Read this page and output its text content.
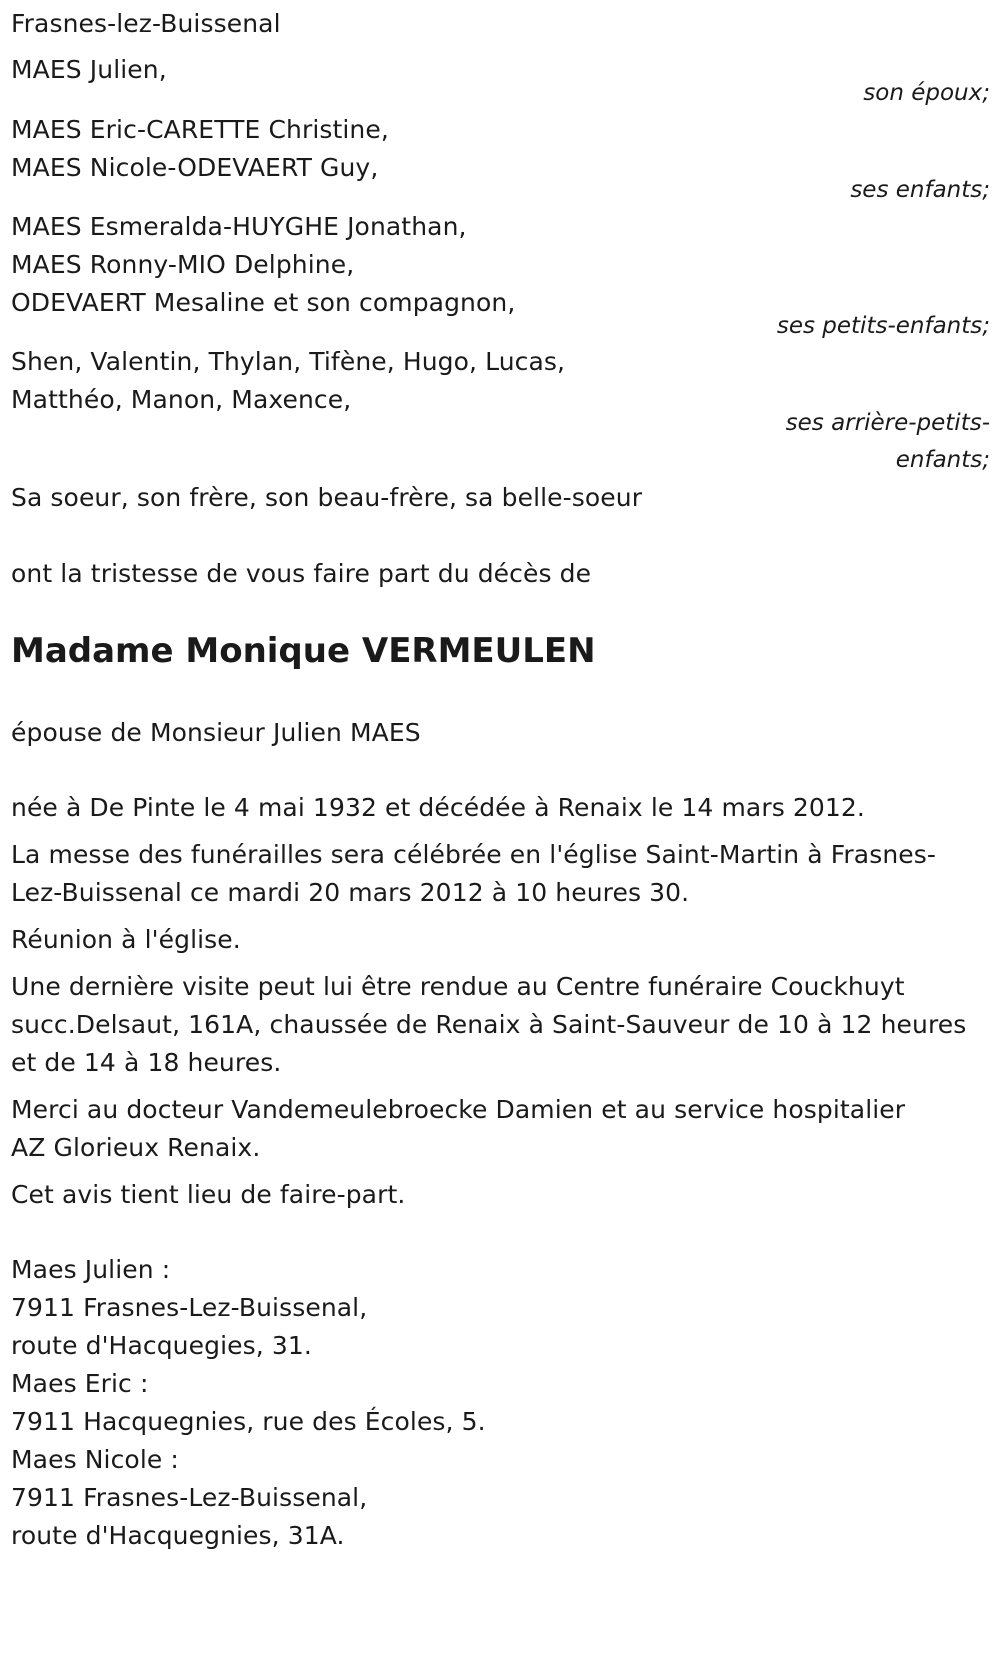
Frasnes-lez-Buissenal
MAES Julien,
son époux;
MAES Eric-CARETTE Christine,
MAES Nicole-ODEVAERT Guy,
ses enfants;
MAES Esmeralda-HUYGHE Jonathan,
MAES Ronny-MIO Delphine,
ODEVAERT Mesaline et son compagnon,
ses petits-enfants;
Shen, Valentin, Thylan, Tifène, Hugo, Lucas,
Matthéo, Manon, Maxence,
ses arrière-petits-
enfants;
Sa soeur, son frère, son beau-frère, sa belle-soeur
ont la tristesse de vous faire part du décès de
Madame Monique VERMEULEN
épouse de Monsieur Julien MAES
née à De Pinte le 4 mai 1932 et décédée à Renaix le 14 mars 2012.
La messe des funérailles sera célébrée en l'église Saint-Martin à Frasnes-
Lez-Buissenal ce mardi 20 mars 2012 à 10 heures 30.
Réunion à l'église.
Une dernière visite peut lui être rendue au Centre funéraire Couckhuyt
succ.Delsaut, 161A, chaussée de Renaix à Saint-Sauveur de 10 à 12 heures
et de 14 à 18 heures.
Merci au docteur Vandemeulebroecke Damien et au service hospitalier
AZ Glorieux Renaix.
Cet avis tient lieu de faire-part.
Maes Julien :
7911 Frasnes-Lez-Buissenal,
route d'Hacquegies, 31.
Maes Eric :
7911 Hacquegnies, rue des Écoles, 5.
Maes Nicole :
7911 Frasnes-Lez-Buissenal,
route d'Hacquegnies, 31A.
